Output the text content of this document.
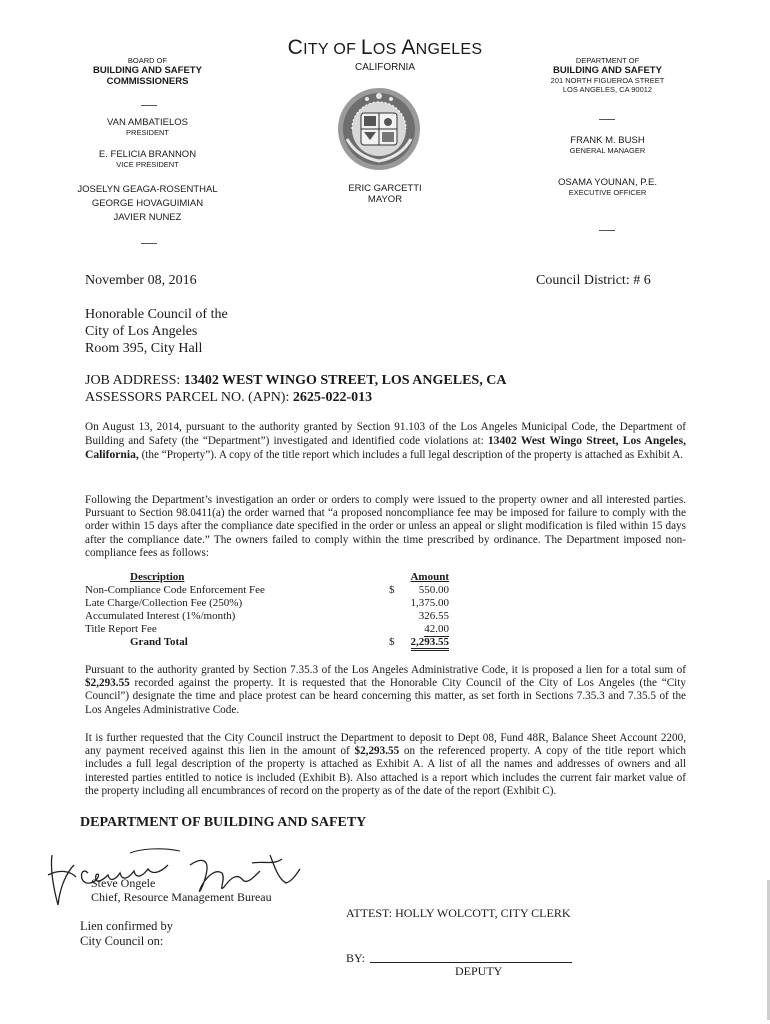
CITY OF LOS ANGELES
CALIFORNIA
BOARD OF
BUILDING AND SAFETY
COMMISSIONERS
VAN AMBATIELOS
PRESIDENT
E. FELICIA BRANNON
VICE PRESIDENT
JOSELYN GEAGA-ROSENTHAL
GEORGE HOVAGUIMIAN
JAVIER NUNEZ
ERIC GARCETTI
MAYOR
DEPARTMENT OF
BUILDING AND SAFETY
201 NORTH FIGUEROA STREET
LOS ANGELES, CA 90012
FRANK M. BUSH
GENERAL MANAGER
OSAMA YOUNAN, P.E.
EXECUTIVE OFFICER
November 08, 2016	Council District: # 6
Honorable Council of the
City of Los Angeles
Room 395, City Hall
JOB ADDRESS: 13402 WEST WINGO STREET, LOS ANGELES, CA
ASSESSORS PARCEL NO. (APN): 2625-022-013
On August 13, 2014, pursuant to the authority granted by Section 91.103 of the Los Angeles Municipal Code, the Department of Building and Safety (the “Department”) investigated and identified code violations at: 13402 West Wingo Street, Los Angeles, California, (the “Property”). A copy of the title report which includes a full legal description of the property is attached as Exhibit A.
Following the Department’s investigation an order or orders to comply were issued to the property owner and all interested parties. Pursuant to Section 98.0411(a) the order warned that “a proposed noncompliance fee may be imposed for failure to comply with the order within 15 days after the compliance date specified in the order or unless an appeal or slight modification is filed within 15 days after the compliance date.” The owners failed to comply within the time prescribed by ordinance. The Department imposed non-compliance fees as follows:
Description	Amount
Non-Compliance Code Enforcement Fee	$ 550.00
Late Charge/Collection Fee (250%)	1,375.00
Accumulated Interest (1%/month)	326.55
Title Report Fee	42.00
Grand Total	$ 2,293.55
Pursuant to the authority granted by Section 7.35.3 of the Los Angeles Administrative Code, it is proposed a lien for a total sum of $2,293.55 recorded against the property. It is requested that the Honorable City Council of the City of Los Angeles (the “City Council”) designate the time and place protest can be heard concerning this matter, as set forth in Sections 7.35.3 and 7.35.5 of the Los Angeles Administrative Code.
It is further requested that the City Council instruct the Department to deposit to Dept 08, Fund 48R, Balance Sheet Account 2200, any payment received against this lien in the amount of $2,293.55 on the referenced property. A copy of the title report which includes a full legal description of the property is attached as Exhibit A. A list of all the names and addresses of owners and all interested parties entitled to notice is included (Exhibit B). Also attached is a report which includes the current fair market value of the property including all encumbrances of record on the property as of the date of the report (Exhibit C).
DEPARTMENT OF BUILDING AND SAFETY
Steve Ongele
Chief, Resource Management Bureau
ATTEST: HOLLY WOLCOTT, CITY CLERK
Lien confirmed by
City Council on:
BY:
DEPUTY
